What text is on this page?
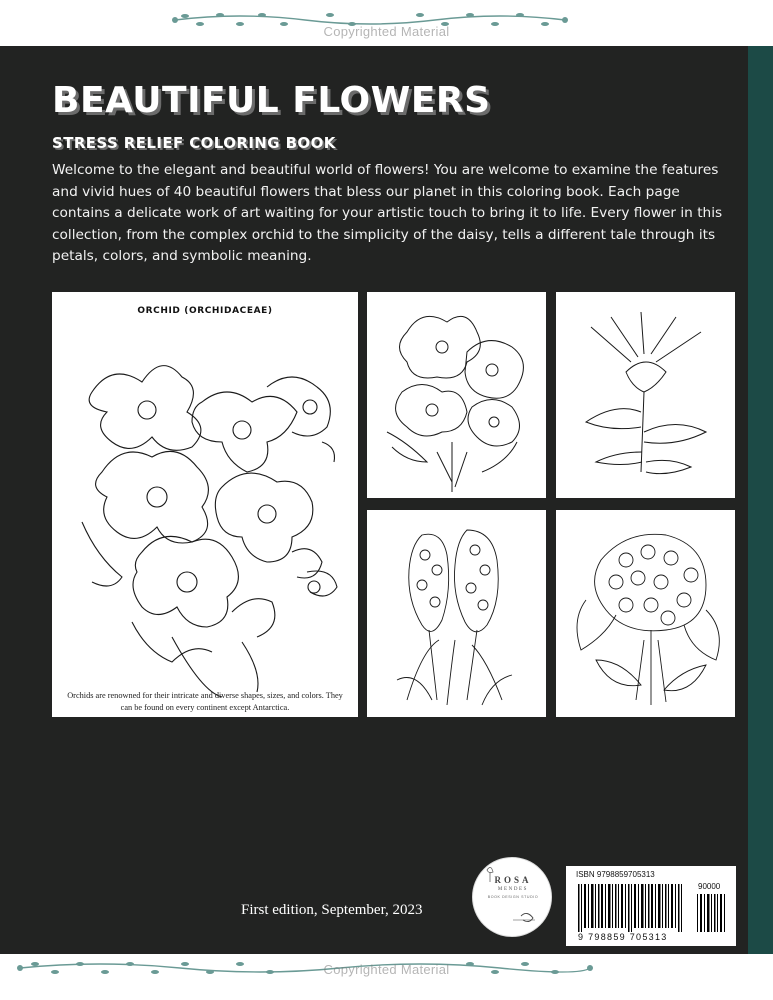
Copyrighted Material
BEAUTIFUL FLOWERS
STRESS RELIEF COLORING BOOK
Welcome to the elegant and beautiful world of flowers! You are welcome to examine the features and vivid hues of 40 beautiful flowers that bless our planet in this coloring book. Each page contains a delicate work of art waiting for your artistic touch to bring it to life. Every flower in this collection, from the complex orchid to the simplicity of the daisy, tells a different tale through its petals, colors, and symbolic meaning.
ORCHID (ORCHIDACEAE)
Orchids are renowned for their intricate and diverse shapes, sizes, and colors. They can be found on every continent except Antarctica.
First edition, September, 2023
ROSA
MENDES
BOOK DESIGN STUDIO
ISBN 9798859705313
90000
9 798859 705313
Copyrighted Material
